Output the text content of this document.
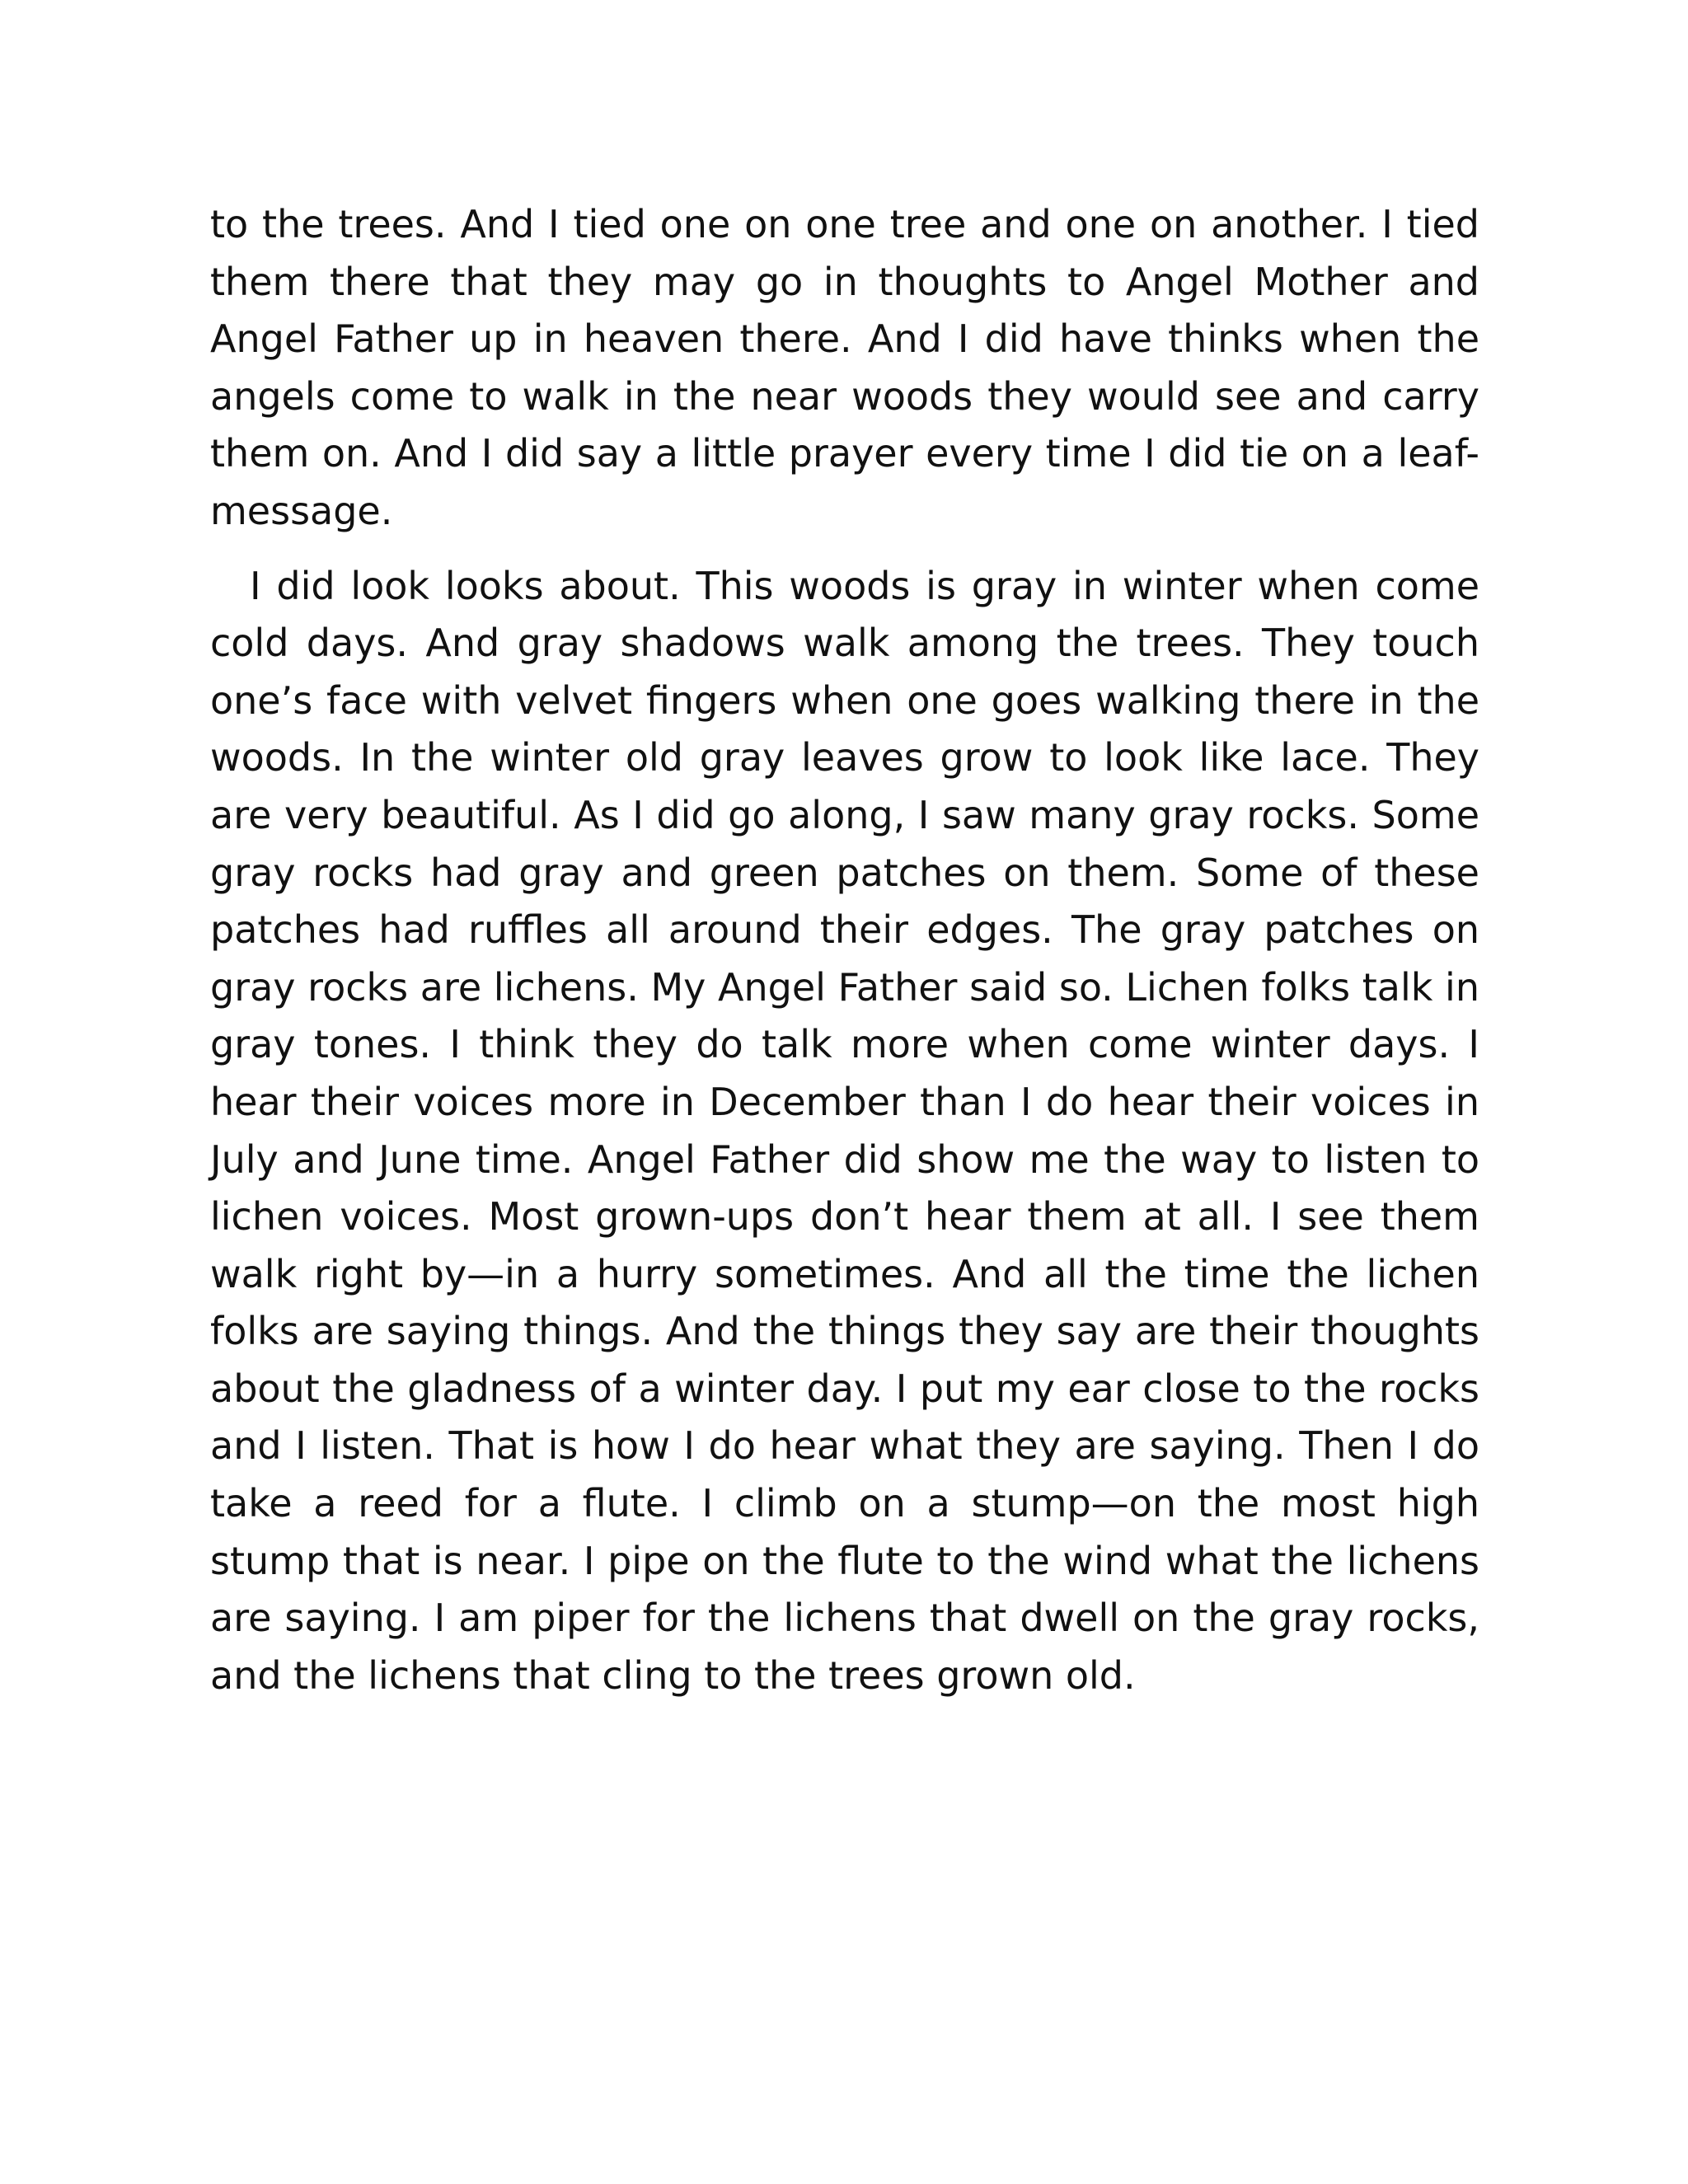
to the trees. And I tied one on one tree and one on another. I tied them there that they may go in thoughts to Angel Mother and Angel Father up in heaven there. And I did have thinks when the angels come to walk in the near woods they would see and carry them on. And I did say a little prayer every time I did tie on a leaf-message.

I did look looks about. This woods is gray in winter when come cold days. And gray shadows walk among the trees. They touch one’s face with velvet fingers when one goes walking there in the woods. In the winter old gray leaves grow to look like lace. They are very beautiful. As I did go along, I saw many gray rocks. Some gray rocks had gray and green patches on them. Some of these patches had ruffles all around their edges. The gray patches on gray rocks are lichens. My Angel Father said so. Lichen folks talk in gray tones. I think they do talk more when come winter days. I hear their voices more in December than I do hear their voices in July and June time. Angel Father did show me the way to listen to lichen voices. Most grown-ups don’t hear them at all. I see them walk right by—in a hurry sometimes. And all the time the lichen folks are saying things. And the things they say are their thoughts about the gladness of a winter day. I put my ear close to the rocks and I listen. That is how I do hear what they are saying. Then I do take a reed for a flute. I climb on a stump—on the most high stump that is near. I pipe on the flute to the wind what the lichens are saying. I am piper for the lichens that dwell on the gray rocks, and the lichens that cling to the trees grown old.
